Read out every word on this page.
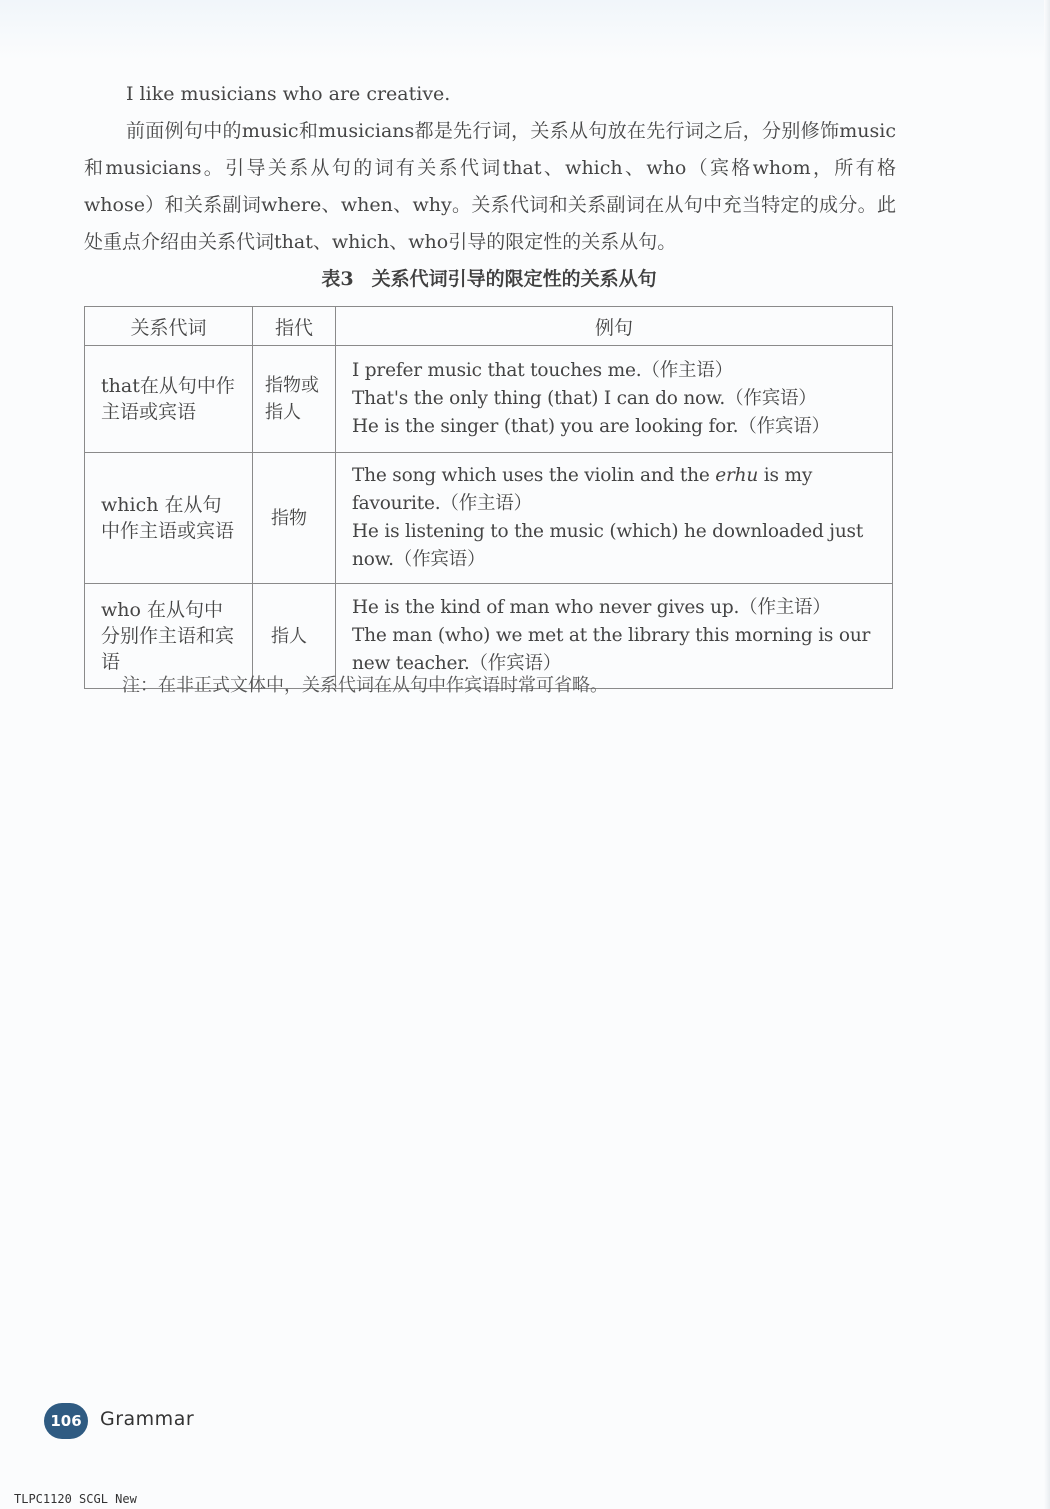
I like musicians who are creative.

前面例句中的music和musicians都是先行词，关系从句放在先行词之后，分别修饰music和musicians。引导关系从句的词有关系代词that、which、who（宾格whom，所有格whose）和关系副词where、when、why。关系代词和关系副词在从句中充当特定的成分。此处重点介绍由关系代词that、which、who引导的限定性的关系从句。

表3 关系代词引导的限定性的关系从句
关系代词	指代	例句
that在从句中作主语或宾语	指物或指人	I prefer music that touches me.（作主语）
That's the only thing (that) I can do now.（作宾语）
He is the singer (that) you are looking for.（作宾语）

which 在从句中作主语或宾语	指物	The song which uses the violin and the erhu is my favourite.（作主语）
He is listening to the music (which) he downloaded just now.（作宾语）

who 在从句中分别作主语和宾语	指人	He is the kind of man who never gives up.（作主语）
The man (who) we met at the library this morning is our new teacher.（作宾语）
注：在非正式文体中，关系代词在从句中作宾语时常可省略。
106 Grammar
TLPC1120 SCGL New
